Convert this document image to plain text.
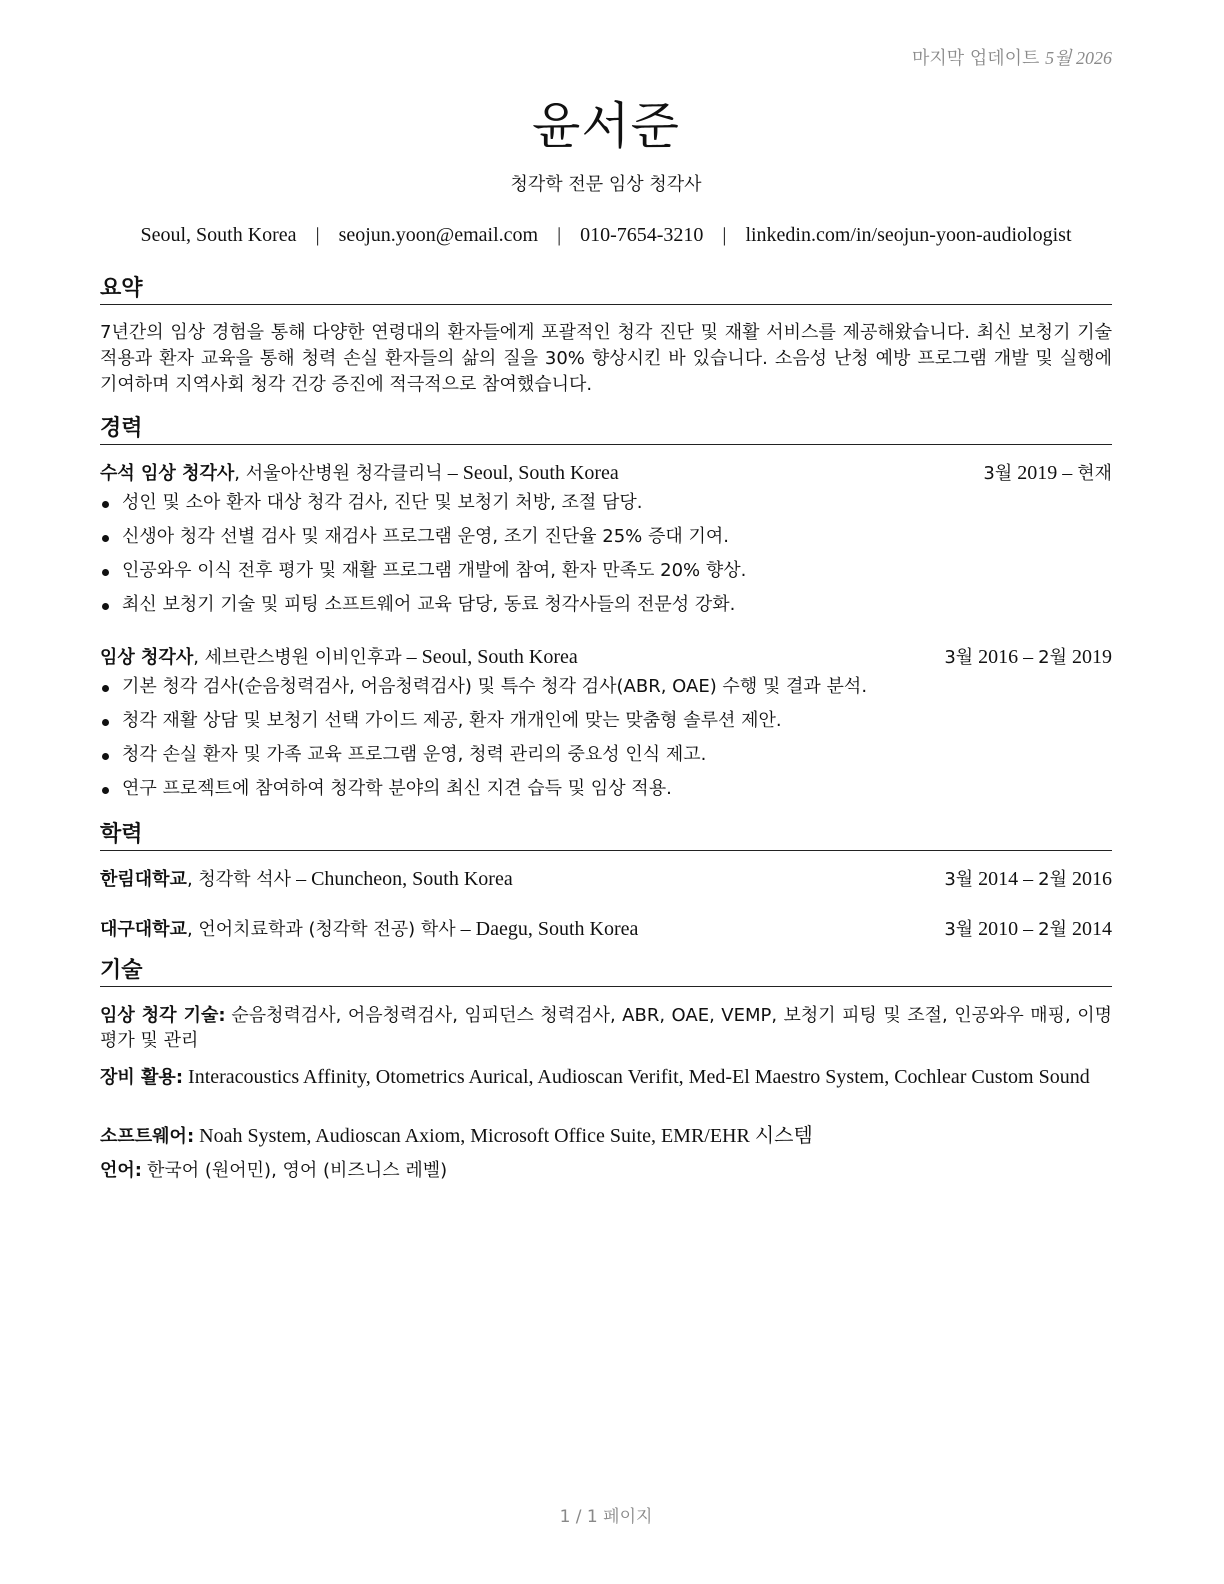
마지막 업데이트 5월 2026
윤서준
청각학 전문 임상 청각사
Seoul, South Korea | seojun.yoon@email.com | 010-7654-3210 | linkedin.com/in/seojun-yoon-audiologist
요약
7년간의 임상 경험을 통해 다양한 연령대의 환자들에게 포괄적인 청각 진단 및 재활 서비스를 제공해왔습니다. 최신 보청기 기술 적용과 환자 교육을 통해 청력 손실 환자들의 삶의 질을 30% 향상시킨 바 있습니다. 소음성 난청 예방 프로그램 개발 및 실행에 기여하며 지역사회 청각 건강 증진에 적극적으로 참여했습니다.
경력
수석 임상 청각사, 서울아산병원 청각클리닉 – Seoul, South Korea	3월 2019 – 현재
성인 및 소아 환자 대상 청각 검사, 진단 및 보청기 처방, 조절 담당.
신생아 청각 선별 검사 및 재검사 프로그램 운영, 조기 진단율 25% 증대 기여.
인공와우 이식 전후 평가 및 재활 프로그램 개발에 참여, 환자 만족도 20% 향상.
최신 보청기 기술 및 피팅 소프트웨어 교육 담당, 동료 청각사들의 전문성 강화.
임상 청각사, 세브란스병원 이비인후과 – Seoul, South Korea	3월 2016 – 2월 2019
기본 청각 검사(순음청력검사, 어음청력검사) 및 특수 청각 검사(ABR, OAE) 수행 및 결과 분석.
청각 재활 상담 및 보청기 선택 가이드 제공, 환자 개개인에 맞는 맞춤형 솔루션 제안.
청각 손실 환자 및 가족 교육 프로그램 운영, 청력 관리의 중요성 인식 제고.
연구 프로젝트에 참여하여 청각학 분야의 최신 지견 습득 및 임상 적용.
학력
한림대학교, 청각학 석사 – Chuncheon, South Korea	3월 2014 – 2월 2016
대구대학교, 언어치료학과 (청각학 전공) 학사 – Daegu, South Korea	3월 2010 – 2월 2014
기술
임상 청각 기술: 순음청력검사, 어음청력검사, 임피던스 청력검사, ABR, OAE, VEMP, 보청기 피팅 및 조절, 인공와우 매핑, 이명 평가 및 관리
장비 활용: Interacoustics Affinity, Otometrics Aurical, Audioscan Verifit, Med-El Maestro System, Cochlear Custom Sound
소프트웨어: Noah System, Audioscan Axiom, Microsoft Office Suite, EMR/EHR 시스템
언어: 한국어 (원어민), 영어 (비즈니스 레벨)
1 / 1 페이지
